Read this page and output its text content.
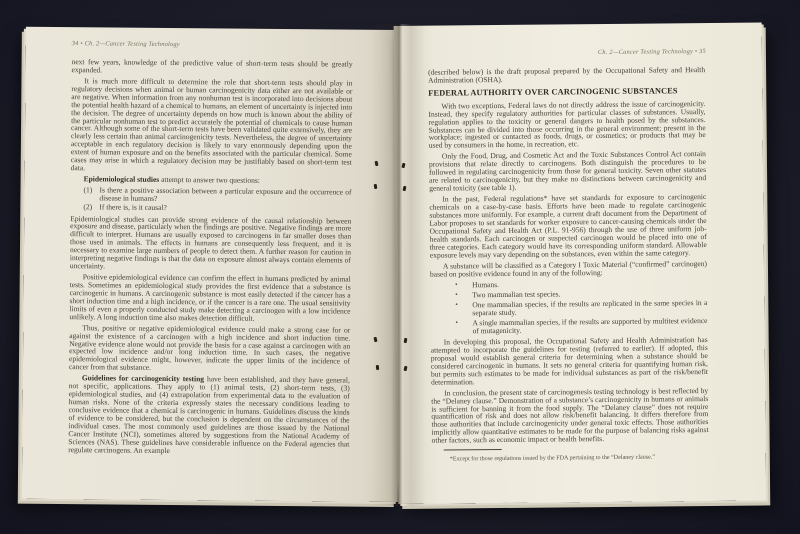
34 • Ch. 2—Cancer Testing Technology

next few years, knowledge of the predictive value of short-term tests should be greatly expanded.

It is much more difficult to determine the role that short-term tests should play in regulatory decisions when animal or human carcinogenicity data either are not available or are negative. When information from any nonhuman test is incorporated into decisions about the potential health hazard of a chemical to humans, an element of uncertainty is injected into the decision. The degree of uncertainty depends on how much is known about the ability of the particular nonhuman test to predict accurately the potential of chemicals to cause human cancer. Although some of the short-term tests have been validated quite extensively, they are clearly less certain than animal carcinogenicity tests. Nevertheless, the degree of uncertainty acceptable in each regulatory decision is likely to vary enormously depending upon the extent of human exposure and on the benefits associated with the particular chemical. Some cases may arise in which a regulatory decision may be justifiably based on short-term test data.

Epidemiological studies attempt to answer two questions:

(1) Is there a positive association between a particular exposure and the occurrence of disease in humans?
(2) If there is, is it causal?

Epidemiological studies can provide strong evidence of the causal relationship between exposure and disease, particularly when the findings are positive. Negative findings are more difficult to interpret. Humans are usually exposed to carcinogens in far smaller doses than those used in animals. The effects in humans are consequently less frequent, and it is necessary to examine large numbers of people to detect them. A further reason for caution in interpreting negative findings is that the data on exposure almost always contain elements of uncertainty.

Positive epidemiological evidence can confirm the effect in humans predicted by animal tests. Sometimes an epidemiological study provides the first evidence that a substance is carcinogenic in humans. A carcinogenic substance is most easily detected if the cancer has a short induction time and a high incidence, or if the cancer is a rare one. The usual sensitivity limits of even a properly conducted study make detecting a carcinogen with a low incidence unlikely. A long induction time also makes detection difficult.

Thus, positive or negative epidemiological evidence could make a strong case for or against the existence of a carcinogen with a high incidence and short induction time. Negative evidence alone would not provide the basis for a case against a carcinogen with an expected low incidence and/or long induction time. In such cases, the negative epidemiological evidence might, however, indicate the upper limits of the incidence of cancer from that substance.

Guidelines for carcinogenicity testing have been established, and they have general, not specific, applications. They apply to (1) animal tests, (2) short-term tests, (3) epidemiological studies, and (4) extrapolation from experimental data to the evaluation of human risks. None of the criteria expressly states the necessary conditions leading to conclusive evidence that a chemical is carcinogenic in humans. Guidelines discuss the kinds of evidence to be considered, but the conclusion is dependent on the circumstances of the individual cases. The most commonly used guidelines are those issued by the National Cancer Institute (NCI), sometimes altered by suggestions from the National Academy of Sciences (NAS). These guidelines have considerable influence on the Federal agencies that regulate carcinogens. An example

Ch. 2—Cancer Testing Technology • 35

(described below) is the draft proposal prepared by the Occupational Safety and Health Administration (OSHA).

FEDERAL AUTHORITY OVER CARCINOGENIC SUBSTANCES

With two exceptions, Federal laws do not directly address the issue of carcinogenicity. Instead, they specify regulatory authorities for particular classes of substances. Usually, regulation applies to the toxicity or general dangers to health posed by the substances. Substances can be divided into those occurring in the general environment; present in the workplace; ingested or contacted as foods, drugs, or cosmetics; or products that may be used by consumers in the home, in recreation, etc.

Only the Food, Drug, and Cosmetic Act and the Toxic Substances Control Act contain provisions that relate directly to carcinogens. Both distinguish the procedures to be followed in regulating carcinogenicity from those for general toxicity. Seven other statutes are related to carcinogenicity, but they make no distinctions between carcinogenicity and general toxicity (see table 1).

In the past, Federal regulations* have set standards for exposure to carcinogenic chemicals on a case-by-case basis. Efforts have been made to regulate carcinogenic substances more uniformly. For example, a current draft document from the Department of Labor proposes to set standards for worker exposure to cancer-causing chemicals under the Occupational Safety and Health Act (P.L. 91-956) through the use of three uniform job-health standards. Each carcinogen or suspected carcinogen would be placed into one of three categories. Each category would have its corresponding uniform standard. Allowable exposure levels may vary depending on the substances, even within the same category.

A substance will be classified as a Category I Toxic Material (“confirmed” carcinogen) based on positive evidence found in any of the following:

•	Humans.
•	Two mammalian test species.
•	One mammalian species, if the results are replicated in the same species in a separate study.
•	A single mammalian species, if the results are supported by multitest evidence of mutagenicity.

In developing this proposal, the Occupational Safety and Health Administration has attempted to incorporate the guidelines for testing (referred to earlier). If adopted, this proposal would establish general criteria for determining when a substance should be considered carcinogenic in humans. It sets no general criteria for quantifying human risk, but permits such estimates to be made for individual substances as part of the risk/benefit determination.

In conclusion, the present state of carcinogenesis testing technology is best reflected by the “Delaney clause.” Demonstration of a substance’s carcinogenicity in humans or animals is sufficient for banning it from the food supply. The “Delaney clause” does not require quantification of risk and does not allow risk/benefit balancing. It differs therefore from those authorities that include carcinogenicity under general toxic effects. Those authorities implicitly allow quantitative estimates to be made for the purpose of balancing risks against other factors, such as economic impact or health benefits.

*Except for those regulations issued by the FDA pertaining to the “Delaney clause.”
